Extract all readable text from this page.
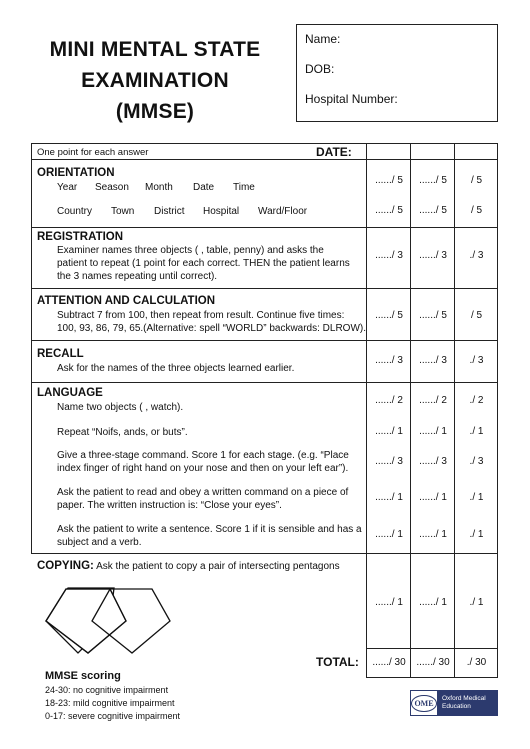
MINI MENTAL STATE
EXAMINATION
(MMSE)
Name:
DOB:
Hospital Number:
One point for each answer	DATE:
ORIENTATION
Year Season Month Date Time
Country Town District Hospital Ward/Floor
....../ 5	....../ 5	/ 5
....../ 5	....../ 5	/ 5
REGISTRATION
Examiner names three objects ( , table, penny) and asks the
patient to repeat (1 point for each correct. THEN the patient learns
the 3 names repeating until correct).
....../ 3	....../ 3	./ 3
ATTENTION AND CALCULATION
Subtract 7 from 100, then repeat from result. Continue five times:
100, 93, 86, 79, 65.(Alternative: spell “WORLD” backwards: DLROW).
....../ 5	....../ 5	/ 5
RECALL
Ask for the names of the three objects learned earlier.
....../ 3	....../ 3	./ 3
LANGUAGE
Name two objects ( , watch).
....../ 2	....../ 2	./ 2
Repeat “Noifs, ands, or buts”.	....../ 1	....../ 1	./ 1
Give a three-stage command. Score 1 for each stage. (e.g. “Place
index finger of right hand on your nose and then on your left ear”).
....../ 3	....../ 3	./ 3
Ask the patient to read and obey a written command on a piece of
paper. The written instruction is: “Close your eyes”.
....../ 1	....../ 1	./ 1
Ask the patient to write a sentence. Score 1 if it is sensible and has a
subject and a verb.
....../ 1	....../ 1	./ 1
COPYING: Ask the patient to copy a pair of intersecting pentagons
....../ 1	....../ 1	./ 1
TOTAL:	....../ 30	....../ 30	./ 30
MMSE scoring
24-30: no cognitive impairment
18-23: mild cognitive impairment
0-17: severe cognitive impairment
OME	Oxford Medical
Education
